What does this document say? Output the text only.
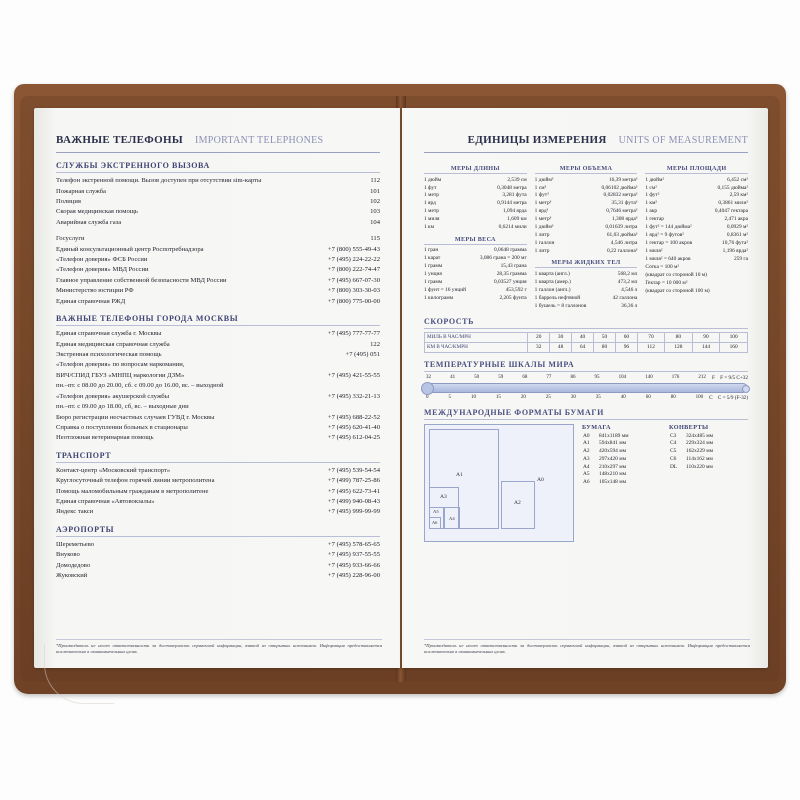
ВАЖНЫЕ ТЕЛЕФОНЫ IMPORTANT TELEPHONES
СЛУЖБЫ ЭКСТРЕННОГО ВЫЗОВА
Телефон экстренной помощи. Вызов доступен при отсутствии sim-карты	112
Пожарная служба	101
Полиция	102
Скорая медицинская помощь	103
Аварийная служба газа	104

Госуслуги	115
Единый консультационный центр Роспотребнадзора	+7 (800) 555-49-43
«Телефон доверия» ФСБ России	+7 (495) 224-22-22
«Телефон доверия» МВД России	+7 (800) 222-74-47
Главное управление собственной безопасности МВД России	+7 (495) 667-07-30
Министерство юстиции РФ	+7 (800) 303-30-03
Единая справочная РЖД	+7 (800) 775-00-00
ВАЖНЫЕ ТЕЛЕФОНЫ ГОРОДА МОСКВЫ
Единая справочная служба г. Москвы	+7 (495) 777-77-77
Единая медицинская справочная служба	122
Экстренная психологическая помощь	+7 (495) 051
«Телефон доверия» по вопросам наркомании,	
ВИЧ/СПИД ГБУЗ «МНПЦ наркологии ДЗМ»	+7 (495) 421-55-55
пн.–пт. с 08.00 до 20.00, сб. с 09.00 до 16.00, вс. – выходной	
«Телефон доверия» акушерской службы	+7 (495) 332-21-13
пн.–пт. с 09.00 до 18.00, сб, вс. – выходные дни	
Бюро регистрации несчастных случаев ГУВД г. Москвы	+7 (495) 688-22-52
Справка о поступлении больных в стационары	+7 (495) 620-41-40
Неотложная ветеринарная помощь	+7 (495) 612-04-25
ТРАНСПОРТ
Контакт-центр «Московский транспорт»	+7 (495) 539-54-54
Круглосуточный телефон горячей линии метрополитена	+7 (499) 787-25-86
Помощь маломобильным гражданам в метрополитене	+7 (495) 622-73-41
Единая справочная «Автовокзалы»	+7 (499) 940-08-43
Яндекс такси	+7 (495) 999-99-99
АЭРОПОРТЫ
Шереметьево	+7 (495) 578-65-65
Внуково	+7 (495) 937-55-55
Домодедово	+7 (495) 933-66-66
Жуковский	+7 (495) 228-96-00
*Производитель не несет ответственности за достоверность справочной информации, взятой из открытых источников. Информация предоставляется исключительно в ознакомительных целях.
ЕДИНИЦЫ ИЗМЕРЕНИЯ UNITS OF MEASUREMENT
МЕРЫ ДЛИНЫ
1 дюйм	2,539 см
1 фут	0,3048 метра
1 метр	3,281 фута
1 ярд	0,9144 метра
1 метр	1,094 ярда
1 миля	1,609 км
1 км	0,6214 мили
МЕРЫ ВЕСА
1 гран	0,0648 грамма
1 карат	3,086 грана = 200 мг
1 грамм	15,43 грана
1 унция	28,35 грамма
1 грамм	0,03527 унция
1 фунт = 16 унций	453,592 г
1 килограмм	2,205 фунта
МЕРЫ ОБЪЕМА
1 дюйм³	16,39 метра³
1 см³	0,06102 дюйма³
1 фут³	0,02832 метра³
1 метр³	35,31 фута³
1 ярд³	0,7646 метра³
1 метр³	1,308 ярда³
1 дюйм³	0,01639 литра
1 литр	61,03 дюйма³
1 галлон	4,546 литра
1 литр	0,22 галлона³
МЕРЫ ЖИДКИХ ТЕЛ
1 кварта (англ.)	568,2 мл
1 кварта (амер.)	473,2 мл
1 галлон (англ.)	4,546 л
1 баррель нефтяной	42 галлона
1 бушель = 8 галлонов	36,36 л
МЕРЫ ПЛОЩАДИ
1 дюйм²	6,452 см²
1 см²	0,155 дюйма²
1 фут²	2,59 км²
1 км²	0,3861 мили²
1 акр	0,4047 гектара
1 гектар	2,471 акра
1 фут² = 144 дюйма²	0,0929 м²
1 ярд² = 9 футов²	0,8361 м²
1 гектар = 100 акров	10,76 фута²
1 миля²	1,196 ярда²
1 миля² = 640 акров	259 га
Сотка = 100 м²	
(квадрат со стороной 10 м)	
Гектар = 10 000 м²	
(квадрат со стороной 100 м)	
СКОРОСТЬ
МИЛЬ В ЧАС/MPH	20	30	40	50	60	70	80	90	100
КМ В ЧАС/KMPH	32	48	64	80	96	112	128	144	160
ТЕМПЕРАТУРНЫЕ ШКАЛЫ МИРА
32	41	50	59	68	77	86	95	104	140	176	212 F F = 9/5 C+32
0	5	10	15	20	25	30	35	40	60	80	100 C C = 5/9 (F-32)
МЕЖДУНАРОДНЫЕ ФОРМАТЫ БУМАГИ
A1
A2
A3
A4
A5
A6
A0
БУМАГА
A0	841x1189 мм
A1	594x841 мм
A2	420x594 мм
A3	297x420 мм
A4	210x297 мм
A5	148x210 мм
A6	105x148 мм
КОНВЕРТЫ
C3	324x485 мм
C4	229x324 мм
C5	162x229 мм
C6	114x162 мм
DL	110x220 мм
*Производитель не несет ответственности за достоверность справочной информации, взятой из открытых источников. Информация предоставляется исключительно в ознакомительных целях.
